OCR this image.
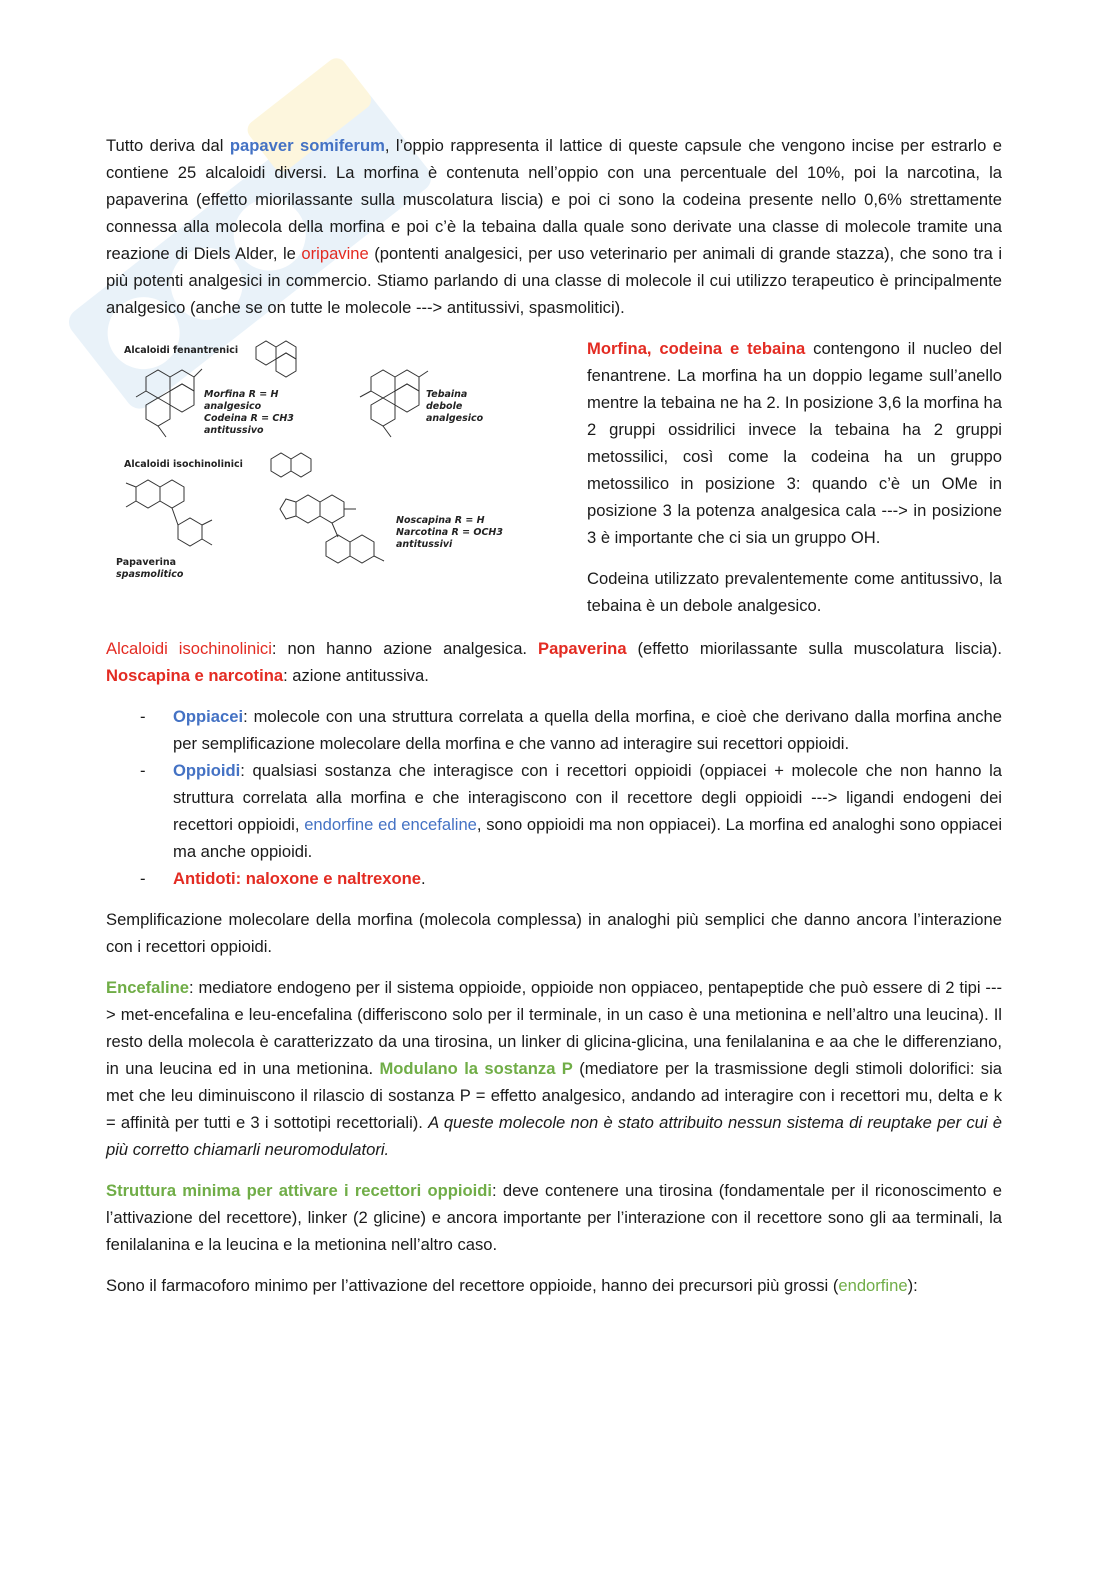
Tutto deriva dal papaver somiferum, l’oppio rappresenta il lattice di queste capsule che vengono incise per estrarlo e contiene 25 alcaloidi diversi. La morfina è contenuta nell’oppio con una percentuale del 10%, poi la narcotina, la papaverina (effetto miorilassante sulla muscolatura liscia) e poi ci sono la codeina presente nello 0,6% strettamente connessa alla molecola della morfina e poi c’è la tebaina dalla quale sono derivate una classe di molecole tramite una reazione di Diels Alder, le oripavine (pontenti analgesici, per uso veterinario per animali di grande stazza), che sono tra i più potenti analgesici in commercio. Stiamo parlando di una classe di molecole il cui utilizzo terapeutico è principalmente analgesico (anche se on tutte le molecole ---> antitussivi, spasmolitici).

Alcaloidi fenantrenici
Morfina R = H
analgesico
Codeina R = CH3
antitussivo
Tebaina
debole
analgesico
Alcaloidi isochinolinici
Papaverina
spasmolitico
Noscapina R = H
Narcotina R = OCH3
antitussivi

Morfina, codeina e tebaina contengono il nucleo del fenantrene. La morfina ha un doppio legame sull’anello mentre la tebaina ne ha 2. In posizione 3,6 la morfina ha 2 gruppi ossidrilici invece la tebaina ha 2 gruppi metossilici, così come la codeina ha un gruppo metossilico in posizione 3: quando c’è un OMe in posizione 3 la potenza analgesica cala ---> in posizione 3 è importante che ci sia un gruppo OH.

Codeina utilizzato prevalentemente come antitussivo, la tebaina è un debole analgesico.

Alcaloidi isochinolinici: non hanno azione analgesica. Papaverina (effetto miorilassante sulla muscolatura liscia). Noscapina e narcotina: azione antitussiva.

- Oppiacei: molecole con una struttura correlata a quella della morfina, e cioè che derivano dalla morfina anche per semplificazione molecolare della morfina e che vanno ad interagire sui recettori oppioidi.
- Oppioidi: qualsiasi sostanza che interagisce con i recettori oppioidi (oppiacei + molecole che non hanno la struttura correlata alla morfina e che interagiscono con il recettore degli oppioidi ---> ligandi endogeni dei recettori oppioidi, endorfine ed encefaline, sono oppioidi ma non oppiacei). La morfina ed analoghi sono oppiacei ma anche oppioidi.
- Antidoti: naloxone e naltrexone.

Semplificazione molecolare della morfina (molecola complessa) in analoghi più semplici che danno ancora l’interazione con i recettori oppioidi.

Encefaline: mediatore endogeno per il sistema oppioide, oppioide non oppiaceo, pentapeptide che può essere di 2 tipi ---> met-encefalina e leu-encefalina (differiscono solo per il terminale, in un caso è una metionina e nell’altro una leucina). Il resto della molecola è caratterizzato da una tirosina, un linker di glicina-glicina, una fenilalanina e aa che le differenziano, in una leucina ed in una metionina. Modulano la sostanza P (mediatore per la trasmissione degli stimoli dolorifici: sia met che leu diminuiscono il rilascio di sostanza P = effetto analgesico, andando ad interagire con i recettori mu, delta e k = affinità per tutti e 3 i sottotipi recettoriali). A queste molecole non è stato attribuito nessun sistema di reuptake per cui è più corretto chiamarli neuromodulatori.

Struttura minima per attivare i recettori oppioidi: deve contenere una tirosina (fondamentale per il riconoscimento e l’attivazione del recettore), linker (2 glicine) e ancora importante per l’interazione con il recettore sono gli aa terminali, la fenilalanina e la leucina e la metionina nell’altro caso.

Sono il farmacoforo minimo per l’attivazione del recettore oppioide, hanno dei precursori più grossi (endorfine):
